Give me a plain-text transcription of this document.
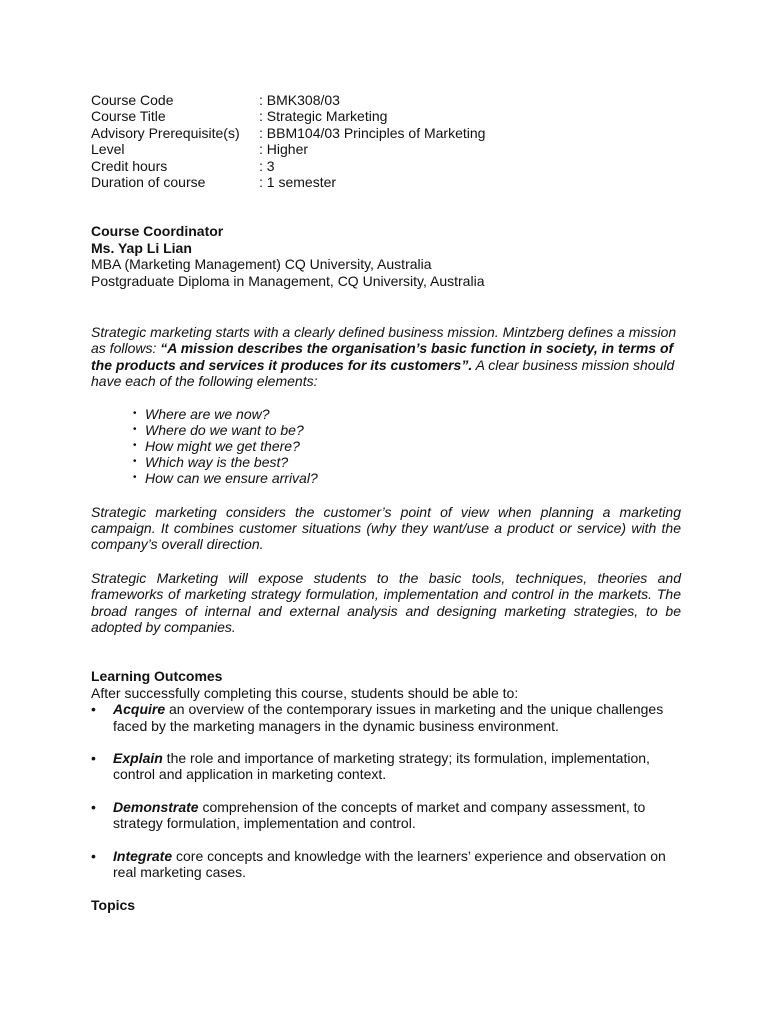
Course Code	: BMK308/03
Course Title	: Strategic Marketing
Advisory Prerequisite(s)	: BBM104/03 Principles of Marketing
Level	: Higher
Credit hours	: 3
Duration of course	: 1 semester
Course Coordinator
Ms. Yap Li Lian
MBA (Marketing Management) CQ University, Australia
Postgraduate Diploma in Management, CQ University, Australia

Strategic marketing starts with a clearly defined business mission. Mintzberg defines a mission as follows: “A mission describes the organisation’s basic function in society, in terms of the products and services it produces for its customers”. A clear business mission should have each of the following elements:

• Where are we now?
• Where do we want to be?
• How might we get there?
• Which way is the best?
• How can we ensure arrival?

Strategic marketing considers the customer’s point of view when planning a marketing campaign. It combines customer situations (why they want/use a product or service) with the company’s overall direction.

Strategic Marketing will expose students to the basic tools, techniques, theories and frameworks of marketing strategy formulation, implementation and control in the markets. The broad ranges of internal and external analysis and designing marketing strategies, to be adopted by companies.

Learning Outcomes
After successfully completing this course, students should be able to:
• Acquire an overview of the contemporary issues in marketing and the unique challenges faced by the marketing managers in the dynamic business environment.
• Explain the role and importance of marketing strategy; its formulation, implementation, control and application in marketing context.
• Demonstrate comprehension of the concepts of market and company assessment, to strategy formulation, implementation and control.
• Integrate core concepts and knowledge with the learners’ experience and observation on real marketing cases.
Topics
